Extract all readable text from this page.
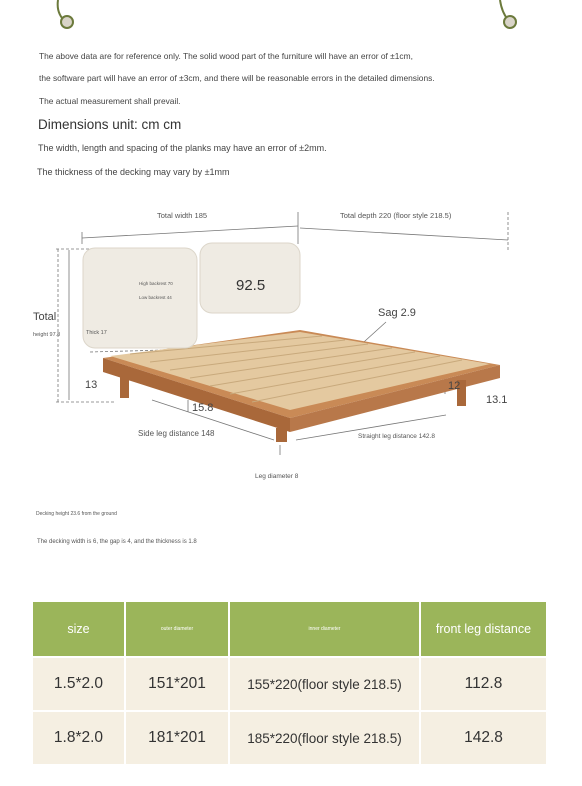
The above data are for reference only. The solid wood part of the furniture will have an error of ±1cm,
the software part will have an error of ±3cm, and there will be reasonable errors in the detailed dimensions.
The actual measurement shall prevail.
Dimensions unit: cm cm
The width, length and spacing of the planks may have an error of ±2mm.
The thickness of the decking may vary by ±1mm
Total width 185	Total depth 220 (floor style 218.5)
High backrest 70
Low backrest 44
92.5
Total
height 97.8	Thick 17
Sag 2.9
13	12
15.8
13.1
Side leg distance 148	Straight leg distance 142.8
Leg diameter 8
Decking height 23.6 from the ground
The decking width is 6, the gap is 4, and the thickness is 1.8
size	outer diameter	inner diameter	front leg distance
1.5*2.0	151*201	155*220(floor style 218.5)	112.8
1.8*2.0	181*201	185*220(floor style 218.5)	142.8
